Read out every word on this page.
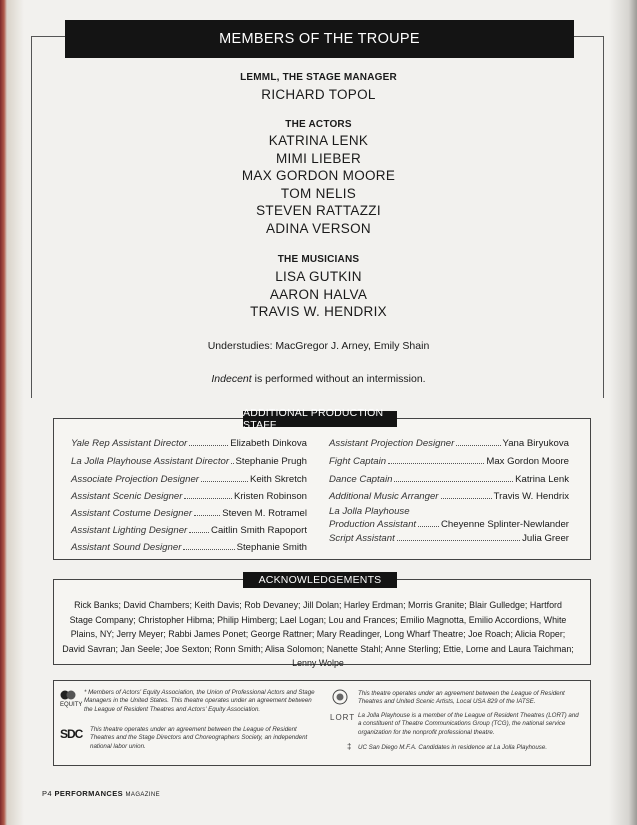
MEMBERS OF THE TROUPE
LEMML, THE STAGE MANAGER
RICHARD TOPOL
THE ACTORS
KATRINA LENK
MIMI LIEBER
MAX GORDON MOORE
TOM NELIS
STEVEN RATTAZZI
ADINA VERSON
THE MUSICIANS
LISA GUTKIN
AARON HALVA
TRAVIS W. HENDRIX
Understudies: MacGregor J. Arney, Emily Shain
Indecent is performed without an intermission.
ADDITIONAL PRODUCTION STAFF
Yale Rep Assistant Director	Elizabeth Dinkova
La Jolla Playhouse Assistant Director Stephanie Prugh
Associate Projection Designer	Keith Skretch
Assistant Scenic Designer	Kristen Robinson
Assistant Costume Designer	Steven M. Rotramel
Assistant Lighting Designer Caitlin Smith Rapoport
Assistant Sound Designer	Stephanie Smith
Assistant Projection Designer	Yana Biryukova
Fight Captain	Max Gordon Moore
Dance Captain	Katrina Lenk
Additional Music Arranger	Travis W. Hendrix
La Jolla Playhouse
Production Assistant	Cheyenne Splinter-Newlander
Script Assistant	Julia Greer
ACKNOWLEDGEMENTS
Rick Banks; David Chambers; Keith Davis; Rob Devaney; Jill Dolan; Harley Erdman; Morris Granite; Blair Gulledge; Hartford Stage Company; Christopher Hibma; Philip Himberg; Lael Logan; Lou and Frances; Emilio Magnotta, Emilio Accordions, White Plains, NY; Jerry Meyer; Rabbi James Ponet; George Rattner; Mary Readinger, Long Wharf Theatre; Joe Roach; Alicia Roper; David Savran; Jan Seele; Joe Sexton; Ronn Smith; Alisa Solomon; Nanette Stahl; Anne Sterling; Ettie, Lorne and Laura Taichman; Lenny Wolpe
EQUITY
* Members of Actors' Equity Association, the Union of Professional Actors and Stage Managers in the United States. This theatre operates under an agreement between the League of Resident Theatres and Actors' Equity Association.
SDC This theatre operates under an agreement between the League of Resident Theatres and the Stage Directors and Choreographers Society, an independent national labor union.
This theatre operates under an agreement between the League of Resident Theatres and United Scenic Artists, Local USA 829 of the IATSE.
LORT La Jolla Playhouse is a member of the League of Resident Theatres (LORT) and a constituent of Theatre Communications Group (TCG), the national service organization for the nonprofit professional theatre.
‡ UC San Diego M.F.A. Candidates in residence at La Jolla Playhouse.
P4 PERFORMANCES MAGAZINE
